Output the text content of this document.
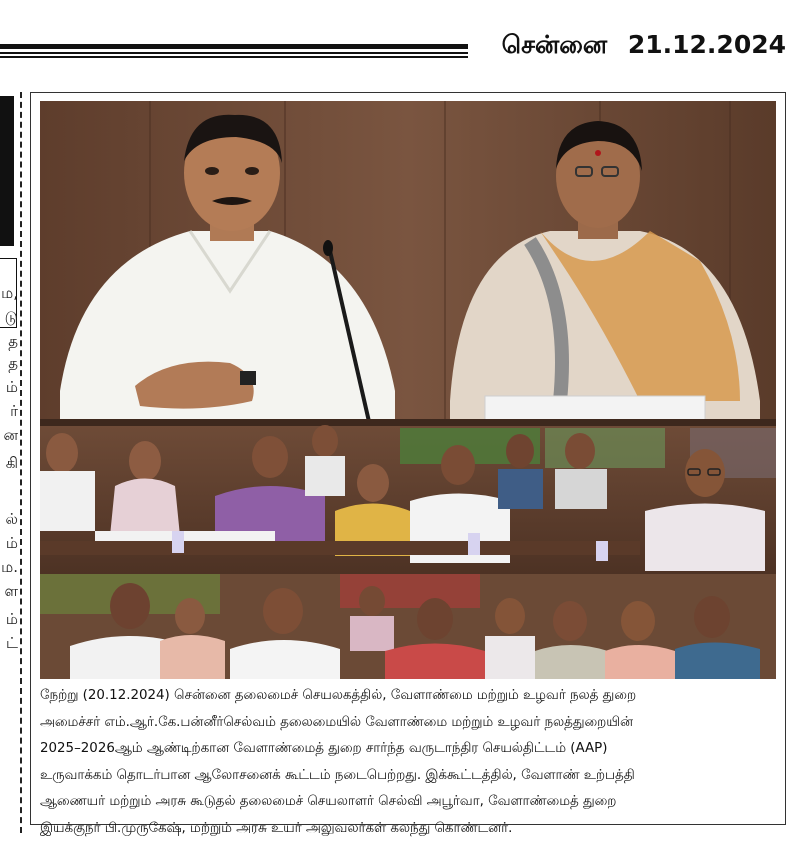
சென்னை 21.12.2024
ம,
டு
த
த
ம்
ர்
ன
கி
ல்
ம்
ம.
ள
ம்
ட்
நேற்று (20.12.2024) சென்னை தலைமைச் செயலகத்தில், வேளாண்மை மற்றும் உழவர் நலத் துறை
அமைச்சர் எம்.ஆர்.கே.பன்னீர்செல்வம் தலைமையில் வேளாண்மை மற்றும் உழவர் நலத்துறையின்
2025–2026ஆம் ஆண்டிற்கான வேளாண்மைத் துறை சார்ந்த வருடாந்திர செயல்திட்டம் (AAP)
உருவாக்கம் தொடர்பான ஆலோசனைக் கூட்டம் நடைபெற்றது. இக்கூட்டத்தில், வேளாண் உற்பத்தி
ஆணையர் மற்றும் அரசு கூடுதல் தலைமைச் செயலாளர் செல்வி அபூர்வா, வேளாண்மைத் துறை
இயக்குநர் பி.முருகேஷ், மற்றும் அரசு உயர் அலுவலர்கள் கலந்து கொண்டனர்.
